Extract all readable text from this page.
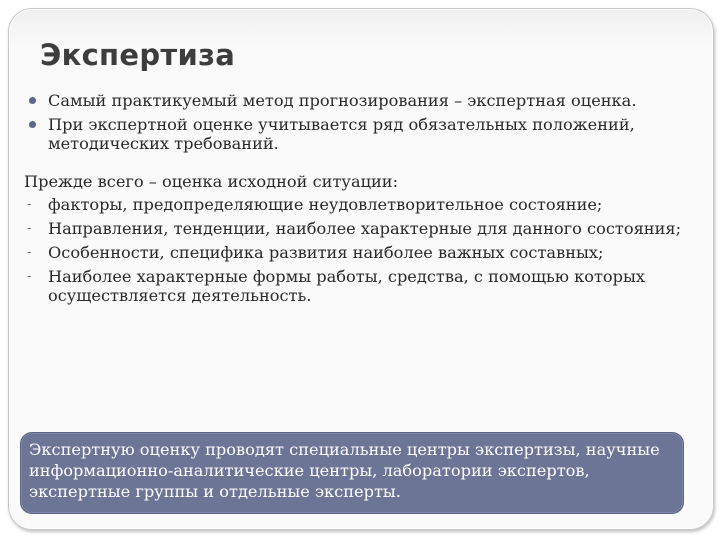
Экспертиза
Самый практикуемый метод прогнозирования – экспертная оценка.
При экспертной оценке учитывается ряд обязательных положений, методических требований.
Прежде всего – оценка исходной ситуации:
- факторы, предопределяющие неудовлетворительное состояние;
- Направления, тенденции, наиболее характерные для данного состояния;
- Особенности, специфика развития наиболее важных составных;
- Наиболее характерные формы работы, средства, с помощью которых осуществляется деятельность.
Экспертную оценку проводят специальные центры экспертизы, научные информационно-аналитические центры, лаборатории экспертов, экспертные группы и отдельные эксперты.
